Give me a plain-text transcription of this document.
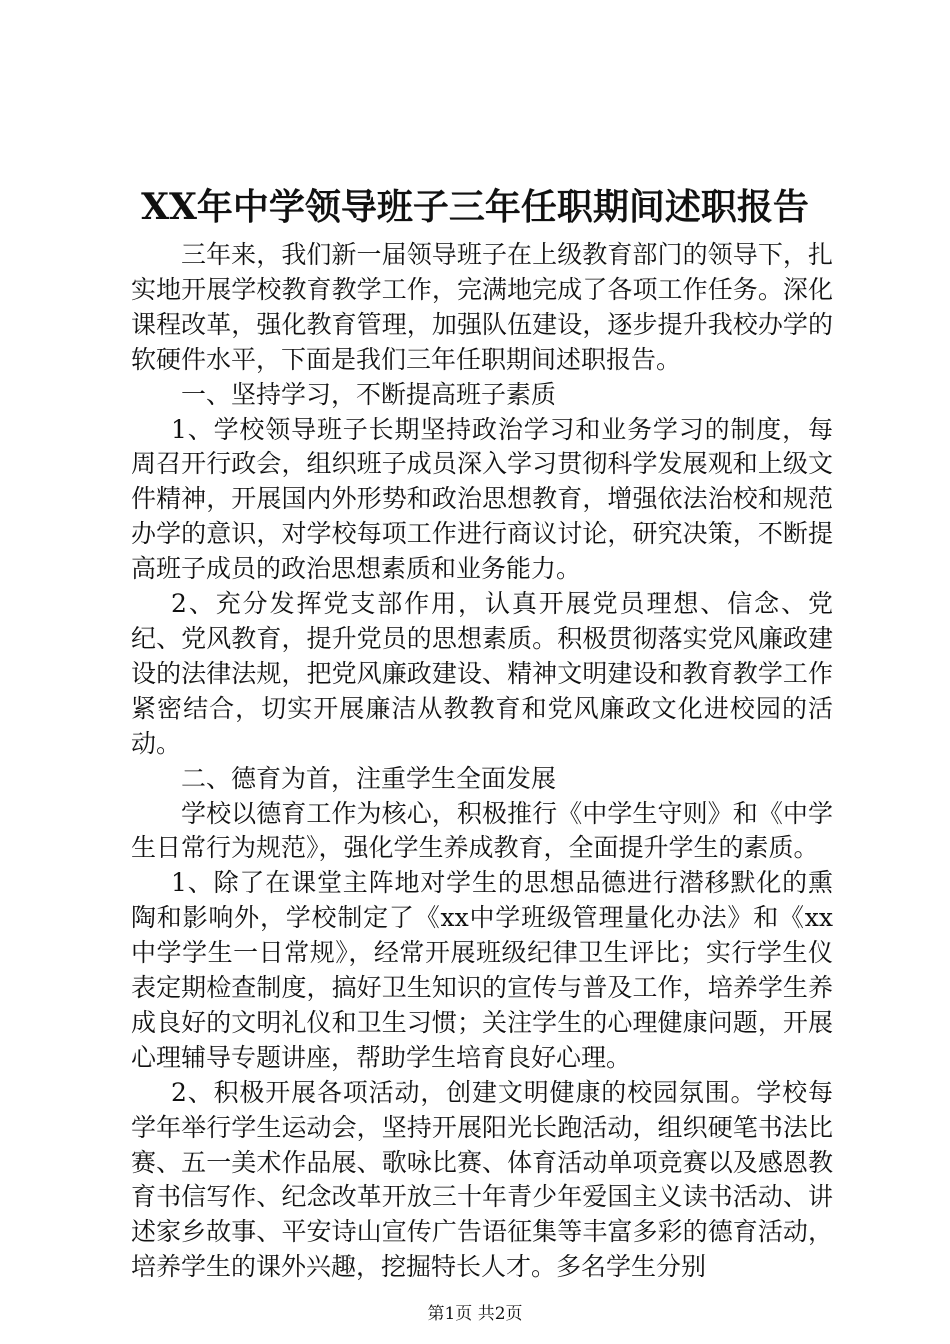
XX年中学领导班子三年任职期间述职报告

三年来，我们新一届领导班子在上级教育部门的领导下，扎实地开展学校教育教学工作，完满地完成了各项工作任务。深化课程改革，强化教育管理，加强队伍建设，逐步提升我校办学的软硬件水平，下面是我们三年任职期间述职报告。

一、坚持学习，不断提高班子素质

1、学校领导班子长期坚持政治学习和业务学习的制度，每周召开行政会，组织班子成员深入学习贯彻科学发展观和上级文件精神，开展国内外形势和政治思想教育，增强依法治校和规范办学的意识，对学校每项工作进行商议讨论，研究决策，不断提高班子成员的政治思想素质和业务能力。

2、充分发挥党支部作用，认真开展党员理想、信念、党纪、党风教育，提升党员的思想素质。积极贯彻落实党风廉政建设的法律法规，把党风廉政建设、精神文明建设和教育教学工作紧密结合，切实开展廉洁从教教育和党风廉政文化进校园的活动。

二、德育为首，注重学生全面发展

学校以德育工作为核心，积极推行《中学生守则》和《中学生日常行为规范》，强化学生养成教育，全面提升学生的素质。

1、除了在课堂主阵地对学生的思想品德进行潜移默化的熏陶和影响外，学校制定了《xx中学班级管理量化办法》和《xx中学学生一日常规》，经常开展班级纪律卫生评比；实行学生仪表定期检查制度，搞好卫生知识的宣传与普及工作，培养学生养成良好的文明礼仪和卫生习惯；关注学生的心理健康问题，开展心理辅导专题讲座，帮助学生培育良好心理。

2、积极开展各项活动，创建文明健康的校园氛围。学校每学年举行学生运动会，坚持开展阳光长跑活动，组织硬笔书法比赛、五一美术作品展、歌咏比赛、体育活动单项竞赛以及感恩教育书信写作、纪念改革开放三十年青少年爱国主义读书活动、讲述家乡故事、平安诗山宣传广告语征集等丰富多彩的德育活动，培养学生的课外兴趣，挖掘特长人才。多名学生分别

第1页 共2页
